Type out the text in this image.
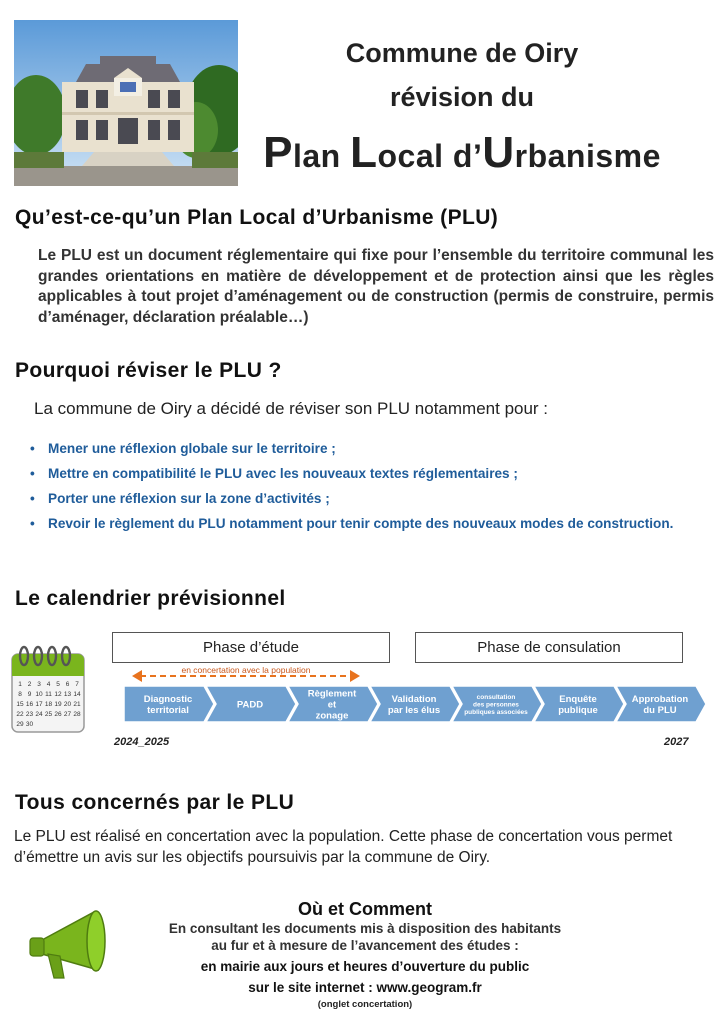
Commune de Oiry
révision du
Plan Local d’Urbanisme
Qu’est-ce-qu’un Plan Local d’Urbanisme (PLU)
Le PLU est un document réglementaire qui fixe pour l’ensemble du territoire communal les grandes orientations en matière de développement et de protection ainsi que les règles applicables à tout projet d’aménagement ou de construction (permis de construire, permis d’aménager, déclaration préalable…)
Pourquoi réviser le PLU ?
La commune de Oiry a décidé de réviser son PLU notamment pour :
• Mener une réflexion globale sur le territoire ;
• Mettre en compatibilité le PLU avec les nouveaux textes réglementaires ;
• Porter une réflexion sur la zone d’activités ;
• Revoir le règlement du PLU notamment pour tenir compte des nouveaux modes de construction.
Le calendrier prévisionnel
1 2 3 4 5 6 7
8 9 10 11 12 13 14
15 16 17 18 19 20 21
22 23 24 25 26 27 28
29 30
Phase d’étude	Phase de consulation
en concertation avec la population
Diagnostic
territorial	PADD
Règlement
et
zonage
Validation
par les élus
consultation
des personnes
publiques associées
Enquête
publique
Approbation
du PLU
2024_2025	2027
Tous concernés par le PLU
Le PLU est réalisé en concertation avec la population. Cette phase de concertation vous permet d’émettre un avis sur les objectifs poursuivis par la commune de Oiry.
Où et Comment
En consultant les documents mis à disposition des habitants
au fur et à mesure de l’avancement des études :
en mairie aux jours et heures d’ouverture du public
sur le site internet : www.geogram.fr
(onglet concertation)
